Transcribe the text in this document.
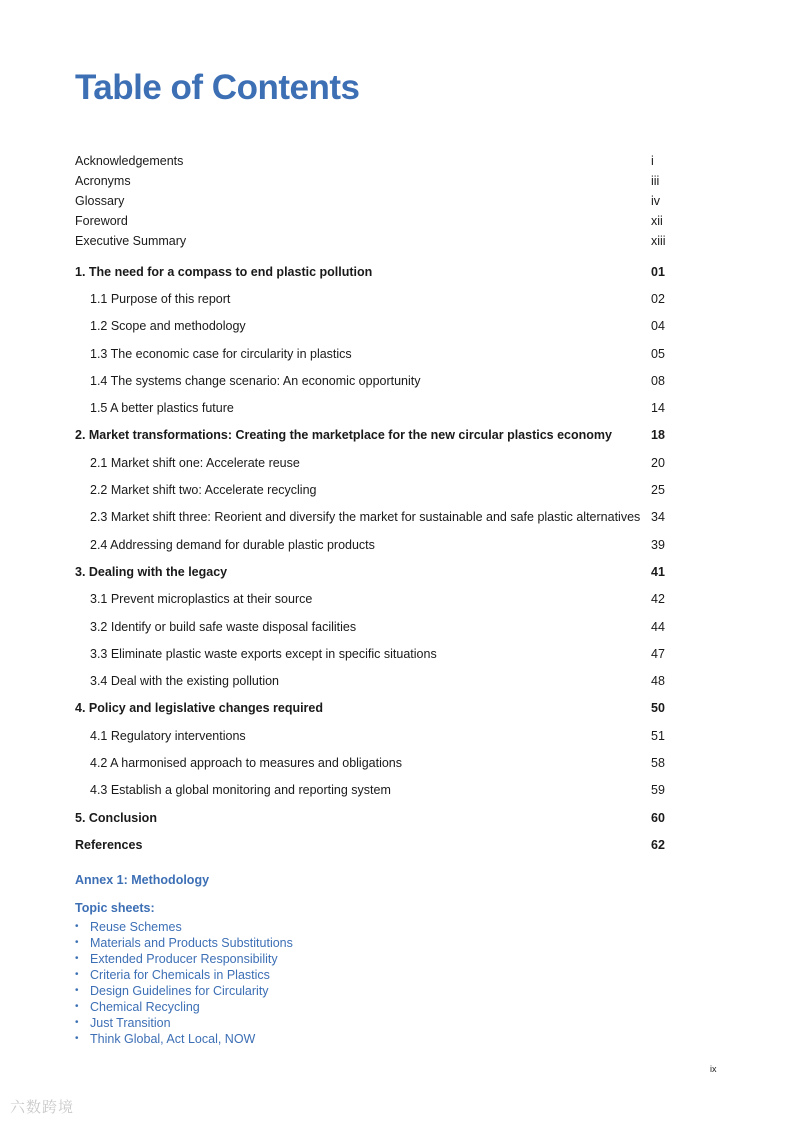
Table of Contents
Acknowledgements	i
Acronyms	iii
Glossary	iv
Foreword	xii
Executive Summary	xiii
1. The need for a compass to end plastic pollution	01
1.1 Purpose of this report	02
1.2 Scope and methodology	04
1.3 The economic case for circularity in plastics	05
1.4 The systems change scenario: An economic opportunity	08
1.5 A better plastics future	14
2. Market transformations: Creating the marketplace for the new circular plastics economy	18
2.1 Market shift one: Accelerate reuse	20
2.2 Market shift two: Accelerate recycling	25
2.3 Market shift three: Reorient and diversify the market for sustainable and safe plastic alternatives 34
2.4 Addressing demand for durable plastic products	39
3. Dealing with the legacy	41
3.1 Prevent microplastics at their source	42
3.2 Identify or build safe waste disposal facilities	44
3.3 Eliminate plastic waste exports except in specific situations	47
3.4 Deal with the existing pollution	48
4. Policy and legislative changes required	50
4.1 Regulatory interventions	51
4.2 A harmonised approach to measures and obligations	58
4.3 Establish a global monitoring and reporting system	59
5. Conclusion	60
References	62
Annex 1: Methodology
Topic sheets:
• Reuse Schemes
• Materials and Products Substitutions
• Extended Producer Responsibility
• Criteria for Chemicals in Plastics
• Design Guidelines for Circularity
• Chemical Recycling
• Just Transition
• Think Global, Act Local, NOW
ix
六数跨境
